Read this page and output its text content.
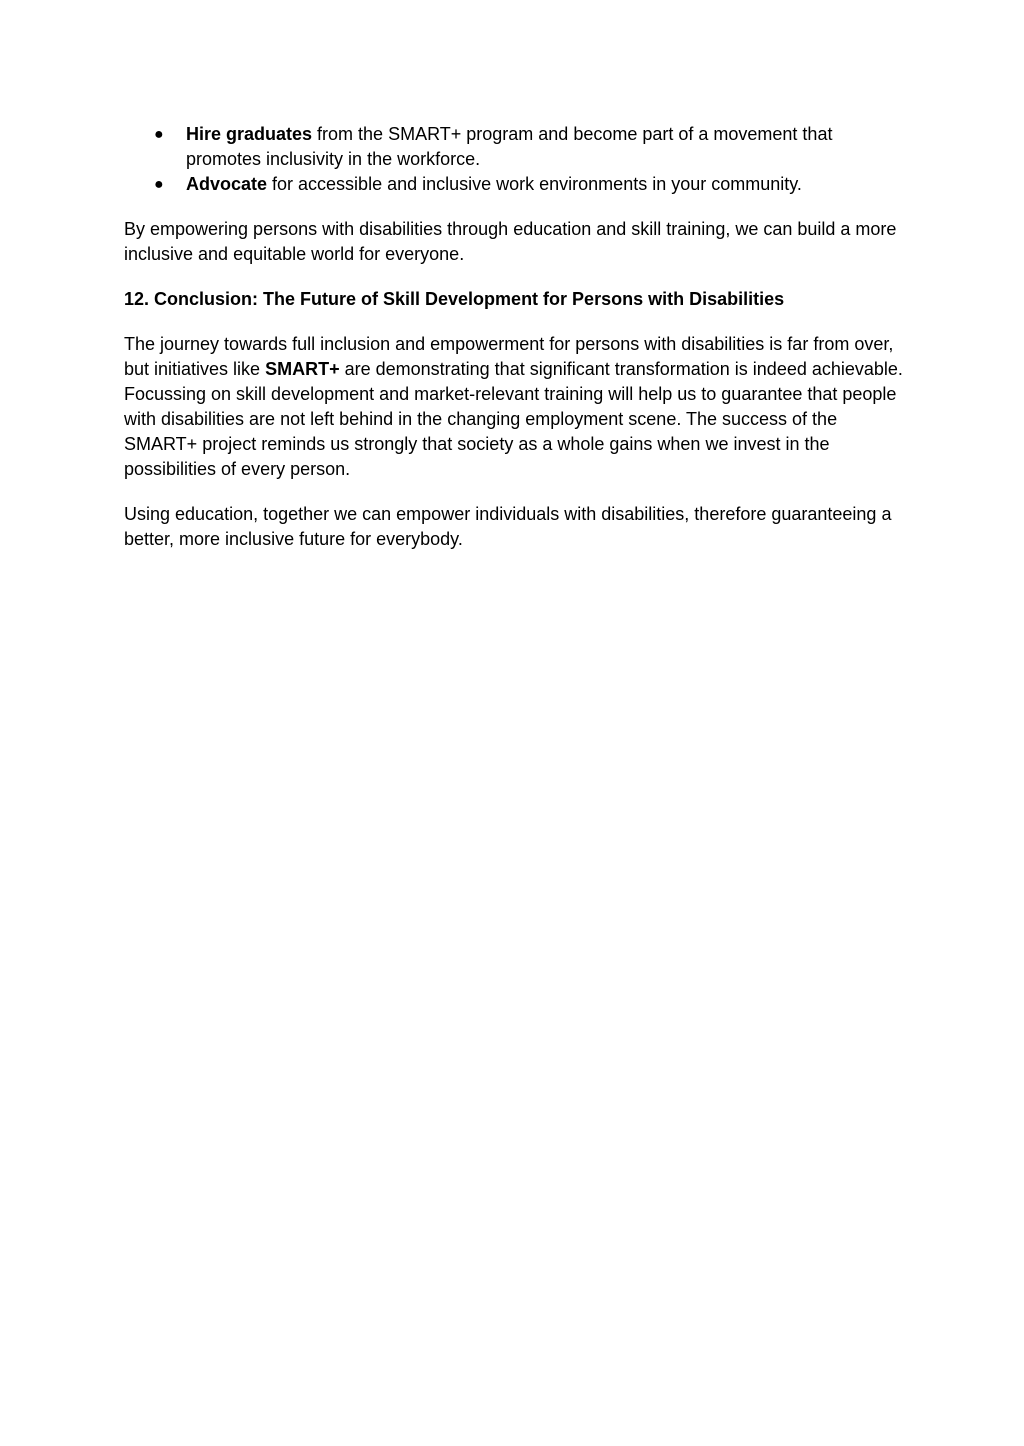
●	Hire graduates from the SMART+ program and become part of a movement that promotes inclusivity in the workforce.
●	Advocate for accessible and inclusive work environments in your community.

By empowering persons with disabilities through education and skill training, we can build a more inclusive and equitable world for everyone.

12. Conclusion: The Future of Skill Development for Persons with Disabilities

The journey towards full inclusion and empowerment for persons with disabilities is far from over, but initiatives like SMART+ are demonstrating that significant transformation is indeed achievable. Focussing on skill development and market-relevant training will help us to guarantee that people with disabilities are not left behind in the changing employment scene. The success of the SMART+ project reminds us strongly that society as a whole gains when we invest in the possibilities of every person.

Using education, together we can empower individuals with disabilities, therefore guaranteeing a better, more inclusive future for everybody.
